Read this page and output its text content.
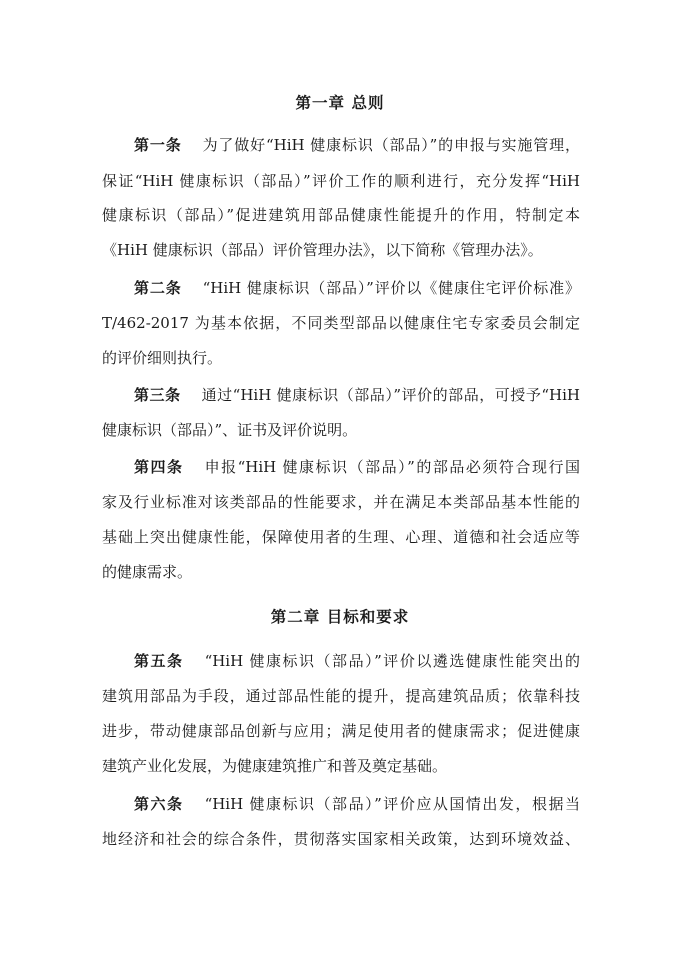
第一章 总则
第一条 为了做好“HiH 健康标识（部品）”的申报与实施管理，
保证“HiH 健康标识（部品）”评价工作的顺利进行，充分发挥“HiH
健康标识（部品）”促进建筑用部品健康性能提升的作用，特制定本
《HiH 健康标识（部品）评价管理办法》，以下简称《管理办法》。
第二条 “HiH 健康标识（部品）”评价以《健康住宅评价标准》
T/462-2017 为基本依据，不同类型部品以健康住宅专家委员会制定
的评价细则执行。
第三条 通过“HiH 健康标识（部品）”评价的部品，可授予“HiH
健康标识（部品）”、证书及评价说明。
第四条 申报“HiH 健康标识（部品）”的部品必须符合现行国
家及行业标准对该类部品的性能要求，并在满足本类部品基本性能的
基础上突出健康性能，保障使用者的生理、心理、道德和社会适应等
的健康需求。
第二章 目标和要求
第五条 “HiH 健康标识（部品）”评价以遴选健康性能突出的
建筑用部品为手段，通过部品性能的提升，提高建筑品质；依靠科技
进步，带动健康部品创新与应用；满足使用者的健康需求；促进健康
建筑产业化发展，为健康建筑推广和普及奠定基础。
第六条 “HiH 健康标识（部品）”评价应从国情出发，根据当
地经济和社会的综合条件，贯彻落实国家相关政策，达到环境效益、
